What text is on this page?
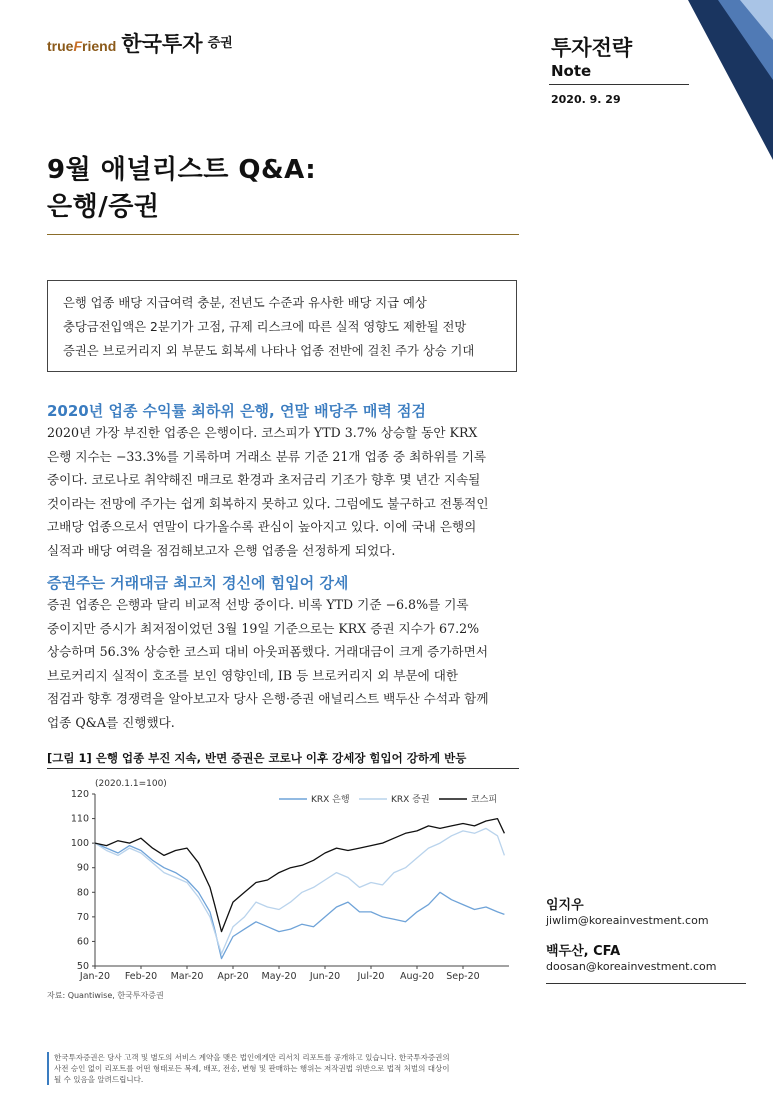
trueFriend 한국투자 $^{증권}$	투자전략
Note
2020. 9. 29
9월 애널리스트 Q&A:
은행/증권
은행 업종 배당 지급여력 충분, 전년도 수준과 유사한 배당 지급 예상
충당금전입액은 2분기가 고점, 규제 리스크에 따른 실적 영향도 제한될 전망
증권은 브로커리지 외 부문도 회복세 나타나 업종 전반에 걸친 주가 상승 기대
2020년 업종 수익률 최하위 은행, 연말 배당주 매력 점검
2020년 가장 부진한 업종은 은행이다. 코스피가 YTD 3.7% 상승할 동안 KRX
은행 지수는 −33.3%를 기록하며 거래소 분류 기준 21개 업종 중 최하위를 기록
중이다. 코로나로 취약해진 매크로 환경과 초저금리 기조가 향후 몇 년간 지속될
것이라는 전망에 주가는 쉽게 회복하지 못하고 있다. 그럼에도 불구하고 전통적인
고배당 업종으로서 연말이 다가올수록 관심이 높아지고 있다. 이에 국내 은행의
실적과 배당 여력을 점검해보고자 은행 업종을 선정하게 되었다.
증권주는 거래대금 최고치 경신에 힘입어 강세
증권 업종은 은행과 달리 비교적 선방 중이다. 비록 YTD 기준 −6.8%를 기록
중이지만 증시가 최저점이었던 3월 19일 기준으로는 KRX 증권 지수가 67.2%
상승하며 56.3% 상승한 코스피 대비 아웃퍼폼했다. 거래대금이 크게 증가하면서
브로커리지 실적이 호조를 보인 영향인데, IB 등 브로커리지 외 부문에 대한
점검과 향후 경쟁력을 알아보고자 당사 은행·증권 애널리스트 백두산 수석과 함께
업종 Q&A를 진행했다.
[그림 1] 은행 업종 부진 지속, 반면 증권은 코로나 이후 강세장 힘입어 강하게 반등
(2020.1.1=100)
50
60
70
80
90
100
110
120
Jan-20 Feb-20 Mar-20 Apr-20 May-20 Jun-20 Jul-20 Aug-20 Sep-20
KRX 은행	KRX 증권	코스피
자료: Quantiwise, 한국투자증권
임지우
jiwlim@koreainvestment.com
백두산, CFA
doosan@koreainvestment.com
한국투자증권은 당사 고객 및 별도의 서비스 계약을 맺은 법인에게만 리서치 리포트를 공개하고 있습니다. 한국투자증권의
사전 승인 없이 리포트를 어떤 형태로든 복제, 배포, 전송, 변형 및 판매하는 행위는 저작권법 위반으로 법적 처벌의 대상이
될 수 있음을 알려드립니다.
